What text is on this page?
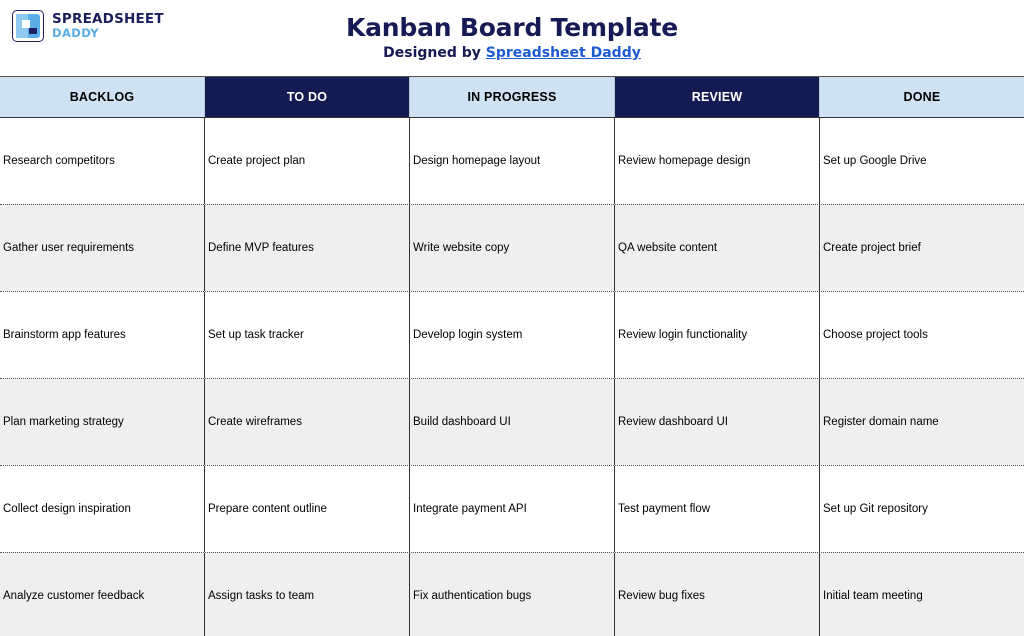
SPREADSHEET
DADDY	Kanban Board Template
Designed by Spreadsheet Daddy
BACKLOG	TO DO	IN PROGRESS	REVIEW	DONE
Research competitors	Create project plan	Design homepage layout	Review homepage design	Set up Google Drive
Gather user requirements	Define MVP features	Write website copy	QA website content	Create project brief
Brainstorm app features	Set up task tracker	Develop login system	Review login functionality	Choose project tools
Plan marketing strategy	Create wireframes	Build dashboard UI	Review dashboard UI	Register domain name
Collect design inspiration	Prepare content outline	Integrate payment API	Test payment flow	Set up Git repository
Analyze customer feedback	Assign tasks to team	Fix authentication bugs	Review bug fixes	Initial team meeting
